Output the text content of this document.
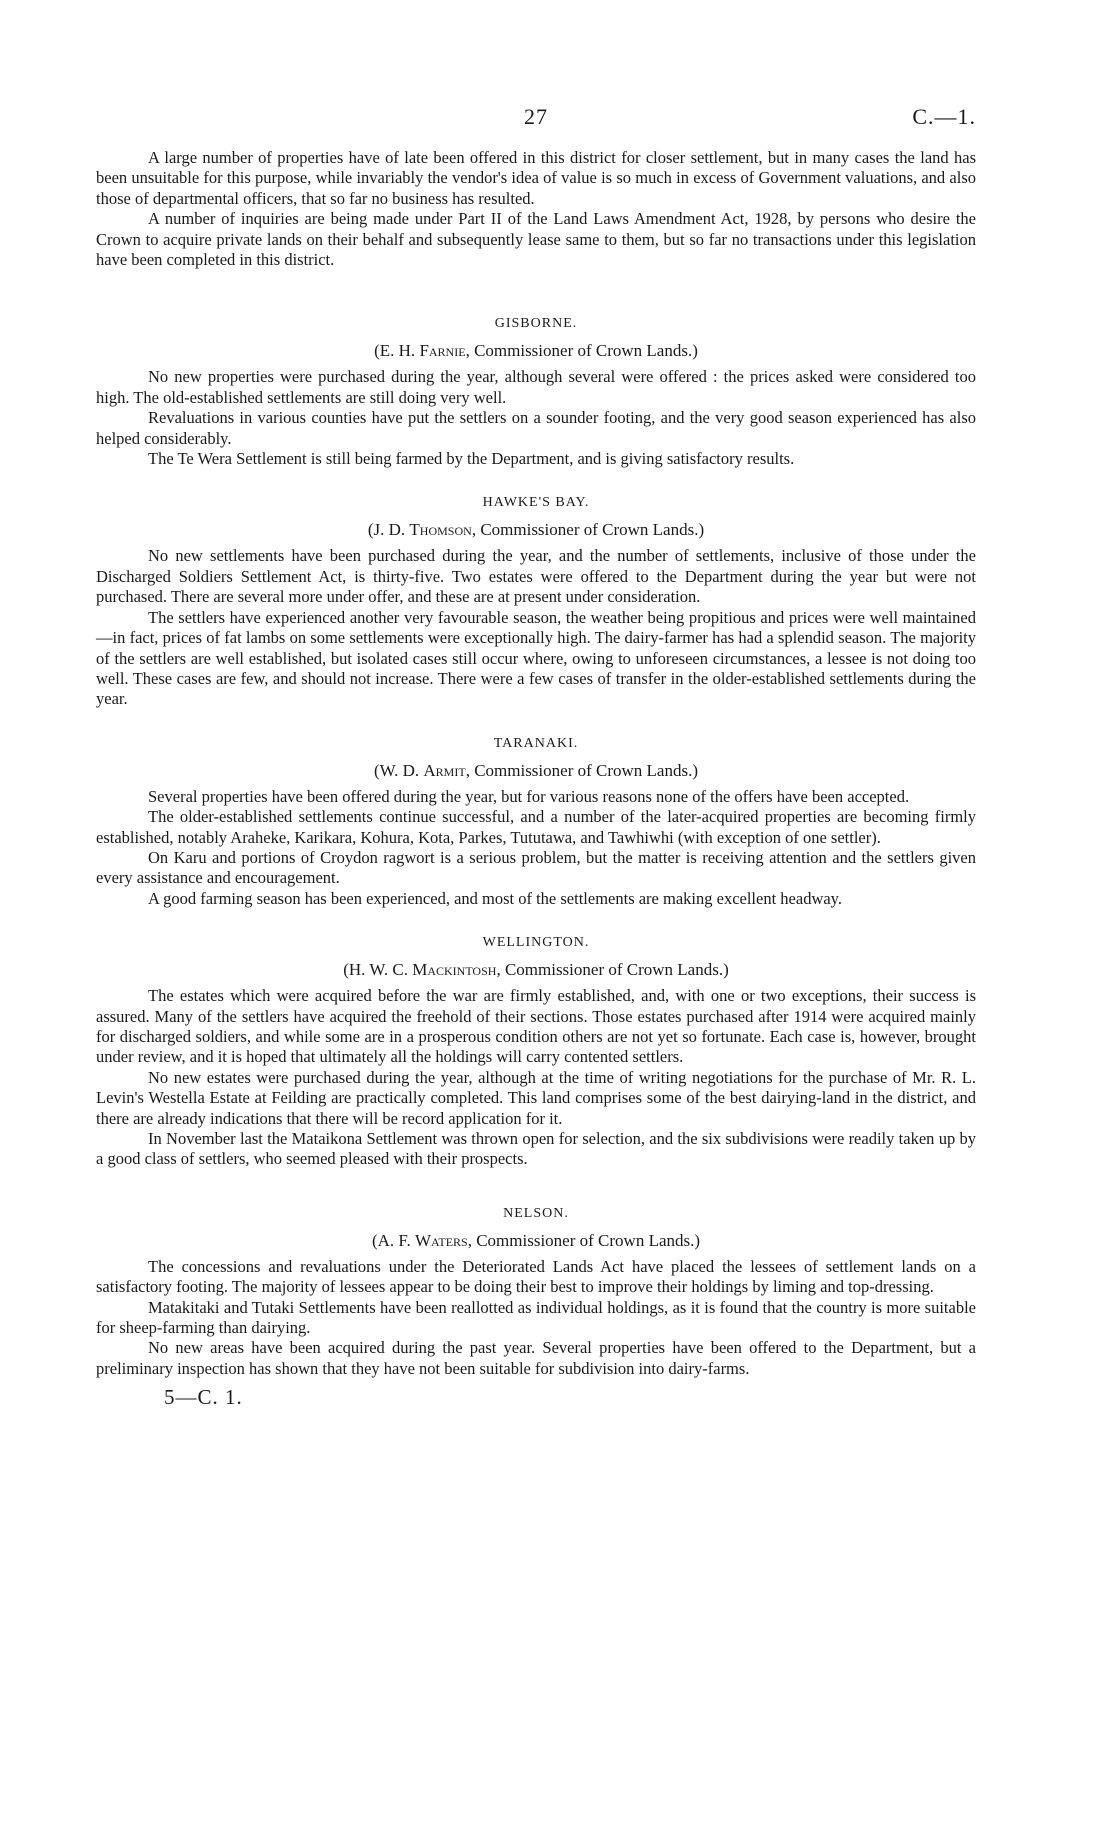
27	C.—1.

A large number of properties have of late been offered in this district for closer settlement, but in many cases the land has been unsuitable for this purpose, while invariably the vendor's idea of value is so much in excess of Government valuations, and also those of departmental officers, that so far no business has resulted.

A number of inquiries are being made under Part II of the Land Laws Amendment Act, 1928, by persons who desire the Crown to acquire private lands on their behalf and subsequently lease same to them, but so far no transactions under this legislation have been completed in this district.

GISBORNE.
(E. H. Farnie, Commissioner of Crown Lands.)

No new properties were purchased during the year, although several were offered : the prices asked were considered too high. The old-established settlements are still doing very well.

Revaluations in various counties have put the settlers on a sounder footing, and the very good season experienced has also helped considerably.

The Te Wera Settlement is still being farmed by the Department, and is giving satisfactory results.

HAWKE'S BAY.
(J. D. Thomson, Commissioner of Crown Lands.)

No new settlements have been purchased during the year, and the number of settlements, inclusive of those under the Discharged Soldiers Settlement Act, is thirty-five. Two estates were offered to the Department during the year but were not purchased. There are several more under offer, and these are at present under consideration.

The settlers have experienced another very favourable season, the weather being propitious and prices were well maintained—in fact, prices of fat lambs on some settlements were exceptionally high. The dairy-farmer has had a splendid season. The majority of the settlers are well established, but isolated cases still occur where, owing to unforeseen circumstances, a lessee is not doing too well. These cases are few, and should not increase. There were a few cases of transfer in the older-established settlements during the year.

TARANAKI.
(W. D. Armit, Commissioner of Crown Lands.)

Several properties have been offered during the year, but for various reasons none of the offers have been accepted.

The older-established settlements continue successful, and a number of the later-acquired properties are becoming firmly established, notably Araheke, Karikara, Kohura, Kota, Parkes, Tututawa, and Tawhiwhi (with exception of one settler).

On Karu and portions of Croydon ragwort is a serious problem, but the matter is receiving attention and the settlers given every assistance and encouragement.

A good farming season has been experienced, and most of the settlements are making excellent headway.

WELLINGTON.
(H. W. C. Mackintosh, Commissioner of Crown Lands.)

The estates which were acquired before the war are firmly established, and, with one or two exceptions, their success is assured. Many of the settlers have acquired the freehold of their sections. Those estates purchased after 1914 were acquired mainly for discharged soldiers, and while some are in a prosperous condition others are not yet so fortunate. Each case is, however, brought under review, and it is hoped that ultimately all the holdings will carry contented settlers.

No new estates were purchased during the year, although at the time of writing negotiations for the purchase of Mr. R. L. Levin's Westella Estate at Feilding are practically completed. This land comprises some of the best dairying-land in the district, and there are already indications that there will be record application for it.

In November last the Mataikona Settlement was thrown open for selection, and the six subdivisions were readily taken up by a good class of settlers, who seemed pleased with their prospects.

NELSON.
(A. F. Waters, Commissioner of Crown Lands.)

The concessions and revaluations under the Deteriorated Lands Act have placed the lessees of settlement lands on a satisfactory footing. The majority of lessees appear to be doing their best to improve their holdings by liming and top-dressing.

Matakitaki and Tutaki Settlements have been reallotted as individual holdings, as it is found that the country is more suitable for sheep-farming than dairying.

No new areas have been acquired during the past year. Several properties have been offered to the Department, but a preliminary inspection has shown that they have not been suitable for subdivision into dairy-farms.

5—C. 1.
